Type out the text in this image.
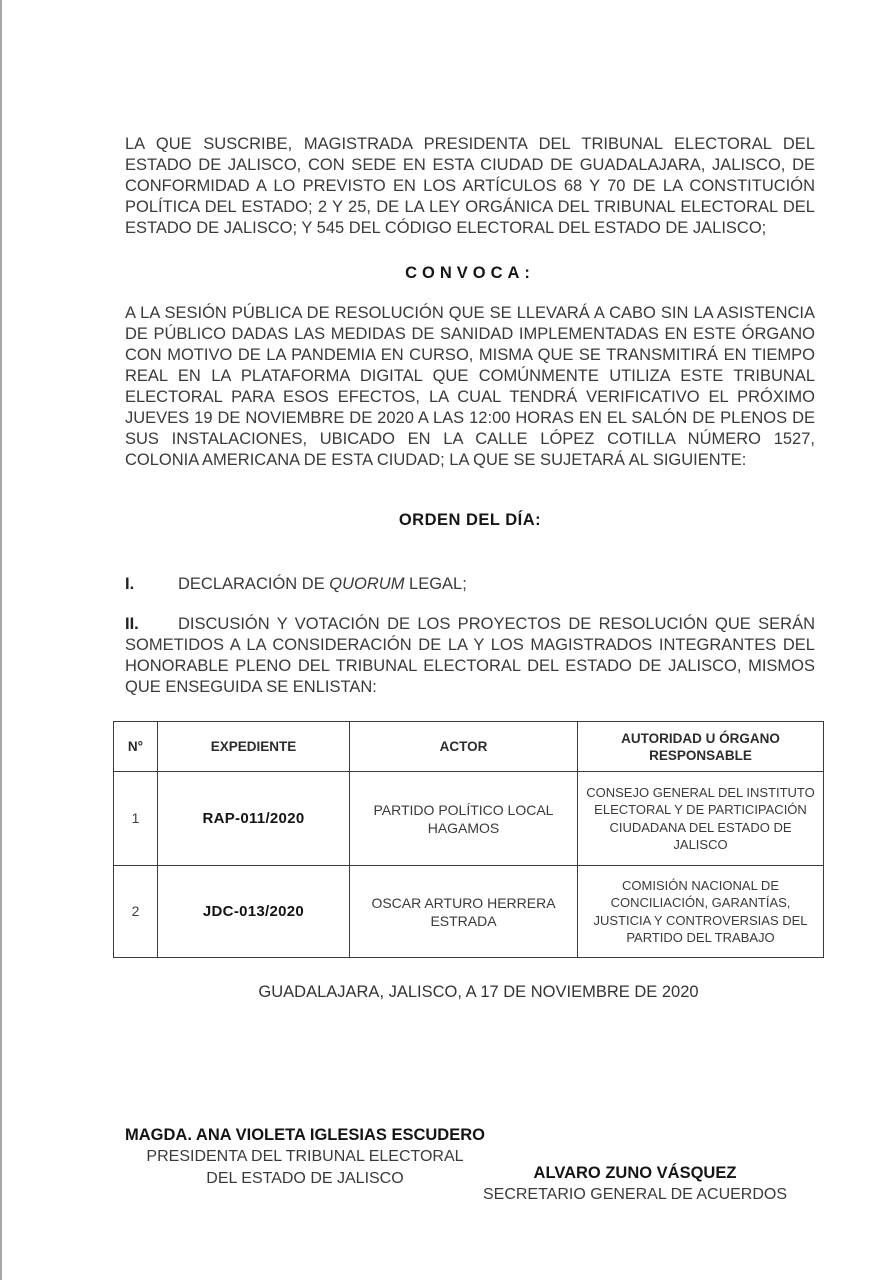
LA QUE SUSCRIBE, MAGISTRADA PRESIDENTA DEL TRIBUNAL ELECTORAL DEL ESTADO DE JALISCO, CON SEDE EN ESTA CIUDAD DE GUADALAJARA, JALISCO, DE CONFORMIDAD A LO PREVISTO EN LOS ARTÍCULOS 68 Y 70 DE LA CONSTITUCIÓN POLÍTICA DEL ESTADO; 2 Y 25, DE LA LEY ORGÁNICA DEL TRIBUNAL ELECTORAL DEL ESTADO DE JALISCO; Y 545 DEL CÓDIGO ELECTORAL DEL ESTADO DE JALISCO;

CONVOCA:

A LA SESIÓN PÚBLICA DE RESOLUCIÓN QUE SE LLEVARÁ A CABO SIN LA ASISTENCIA DE PÚBLICO DADAS LAS MEDIDAS DE SANIDAD IMPLEMENTADAS EN ESTE ÓRGANO CON MOTIVO DE LA PANDEMIA EN CURSO, MISMA QUE SE TRANSMITIRÁ EN TIEMPO REAL EN LA PLATAFORMA DIGITAL QUE COMÚNMENTE UTILIZA ESTE TRIBUNAL ELECTORAL PARA ESOS EFECTOS, LA CUAL TENDRÁ VERIFICATIVO EL PRÓXIMO JUEVES 19 DE NOVIEMBRE DE 2020 A LAS 12:00 HORAS EN EL SALÓN DE PLENOS DE SUS INSTALACIONES, UBICADO EN LA CALLE LÓPEZ COTILLA NÚMERO 1527, COLONIA AMERICANA DE ESTA CIUDAD; LA QUE SE SUJETARÁ AL SIGUIENTE:

ORDEN DEL DÍA:

I.	DECLARACIÓN DE QUORUM LEGAL;

II. DISCUSIÓN Y VOTACIÓN DE LOS PROYECTOS DE RESOLUCIÓN QUE SERÁN SOMETIDOS A LA CONSIDERACIÓN DE LA Y LOS MAGISTRADOS INTEGRANTES DEL HONORABLE PLENO DEL TRIBUNAL ELECTORAL DEL ESTADO DE JALISCO, MISMOS QUE ENSEGUIDA SE ENLISTAN:

N°	EXPEDIENTE	ACTOR	AUTORIDAD U ÓRGANO RESPONSABLE
1	RAP-011/2020	PARTIDO POLÍTICO LOCAL HAGAMOS	CONSEJO GENERAL DEL INSTITUTO ELECTORAL Y DE PARTICIPACIÓN CIUDADANA DEL ESTADO DE JALISCO
2	JDC-013/2020	OSCAR ARTURO HERRERA ESTRADA	COMISIÓN NACIONAL DE CONCILIACIÓN, GARANTÍAS, JUSTICIA Y CONTROVERSIAS DEL PARTIDO DEL TRABAJO

GUADALAJARA, JALISCO, A 17 DE NOVIEMBRE DE 2020

MAGDA. ANA VIOLETA IGLESIAS ESCUDERO
PRESIDENTA DEL TRIBUNAL ELECTORAL
DEL ESTADO DE JALISCO	ALVARO ZUNO VÁSQUEZ
SECRETARIO GENERAL DE ACUERDOS
